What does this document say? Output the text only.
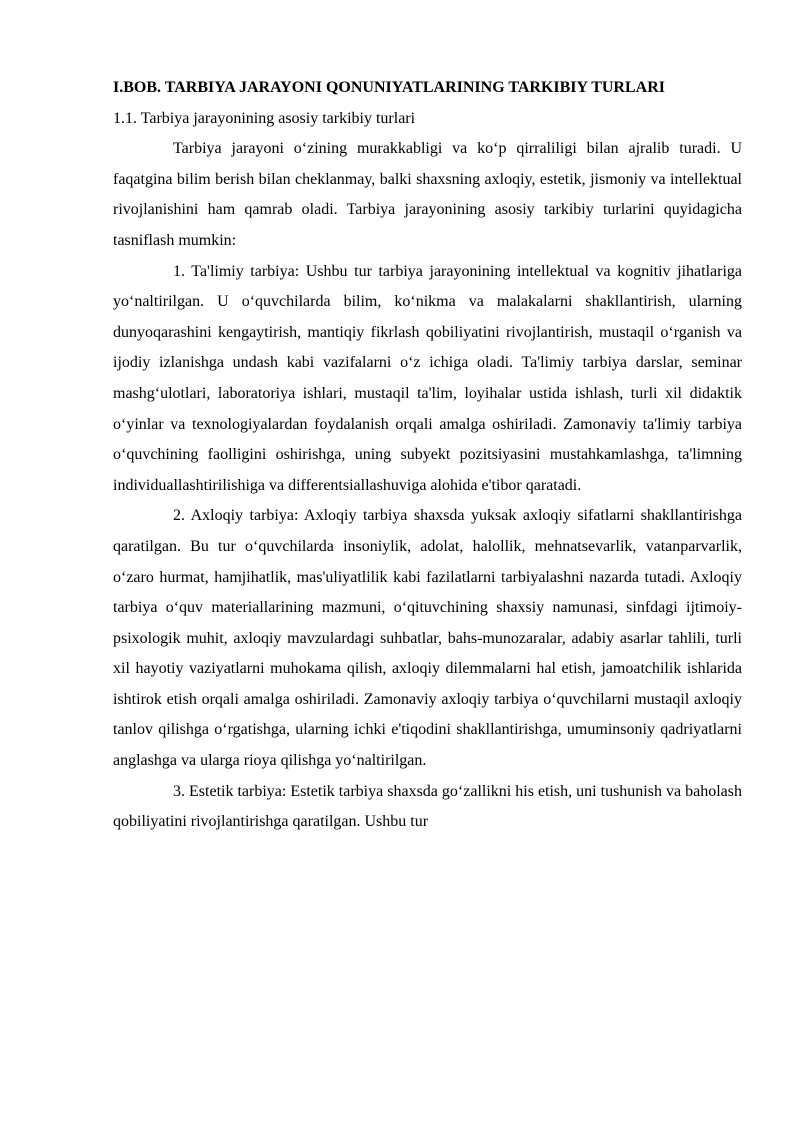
I.BOB. TARBIYA JARAYONI QONUNIYATLARINING TARKIBIY TURLARI
1.1. Tarbiya jarayonining asosiy tarkibiy turlari

Tarbiya jarayoni o‘zining murakkabligi va ko‘p qirraliligi bilan ajralib turadi. U faqatgina bilim berish bilan cheklanmay, balki shaxsning axloqiy, estetik, jismoniy va intellektual rivojlanishini ham qamrab oladi. Tarbiya jarayonining asosiy tarkibiy turlarini quyidagicha tasniflash mumkin:

1. Ta'limiy tarbiya: Ushbu tur tarbiya jarayonining intellektual va kognitiv jihatlariga yo‘naltirilgan. U o‘quvchilarda bilim, ko‘nikma va malakalarni shakllantirish, ularning dunyoqarashini kengaytirish, mantiqiy fikrlash qobiliyatini rivojlantirish, mustaqil o‘rganish va ijodiy izlanishga undash kabi vazifalarni o‘z ichiga oladi. Ta'limiy tarbiya darslar, seminar mashg‘ulotlari, laboratoriya ishlari, mustaqil ta'lim, loyihalar ustida ishlash, turli xil didaktik o‘yinlar va texnologiyalardan foydalanish orqali amalga oshiriladi. Zamonaviy ta'limiy tarbiya o‘quvchining faolligini oshirishga, uning subyekt pozitsiyasini mustahkamlashga, ta'limning individuallashtirilishiga va differentsiallashuviga alohida e'tibor qaratadi.

2. Axloqiy tarbiya: Axloqiy tarbiya shaxsda yuksak axloqiy sifatlarni shakllantirishga qaratilgan. Bu tur o‘quvchilarda insoniylik, adolat, halollik, mehnatsevarlik, vatanparvarlik, o‘zaro hurmat, hamjihatlik, mas'uliyatlilik kabi fazilatlarni tarbiyalashni nazarda tutadi. Axloqiy tarbiya o‘quv materiallarining mazmuni, o‘qituvchining shaxsiy namunasi, sinfdagi ijtimoiy-psixologik muhit, axloqiy mavzulardagi suhbatlar, bahs-munozaralar, adabiy asarlar tahlili, turli xil hayotiy vaziyatlarni muhokama qilish, axloqiy dilemmalarni hal etish, jamoatchilik ishlarida ishtirok etish orqali amalga oshiriladi. Zamonaviy axloqiy tarbiya o‘quvchilarni mustaqil axloqiy tanlov qilishga o‘rgatishga, ularning ichki e'tiqodini shakllantirishga, umuminsoniy qadriyatlarni anglashga va ularga rioya qilishga yo‘naltirilgan.

3. Estetik tarbiya: Estetik tarbiya shaxsda go‘zallikni his etish, uni tushunish va baholash qobiliyatini rivojlantirishga qaratilgan. Ushbu tur
